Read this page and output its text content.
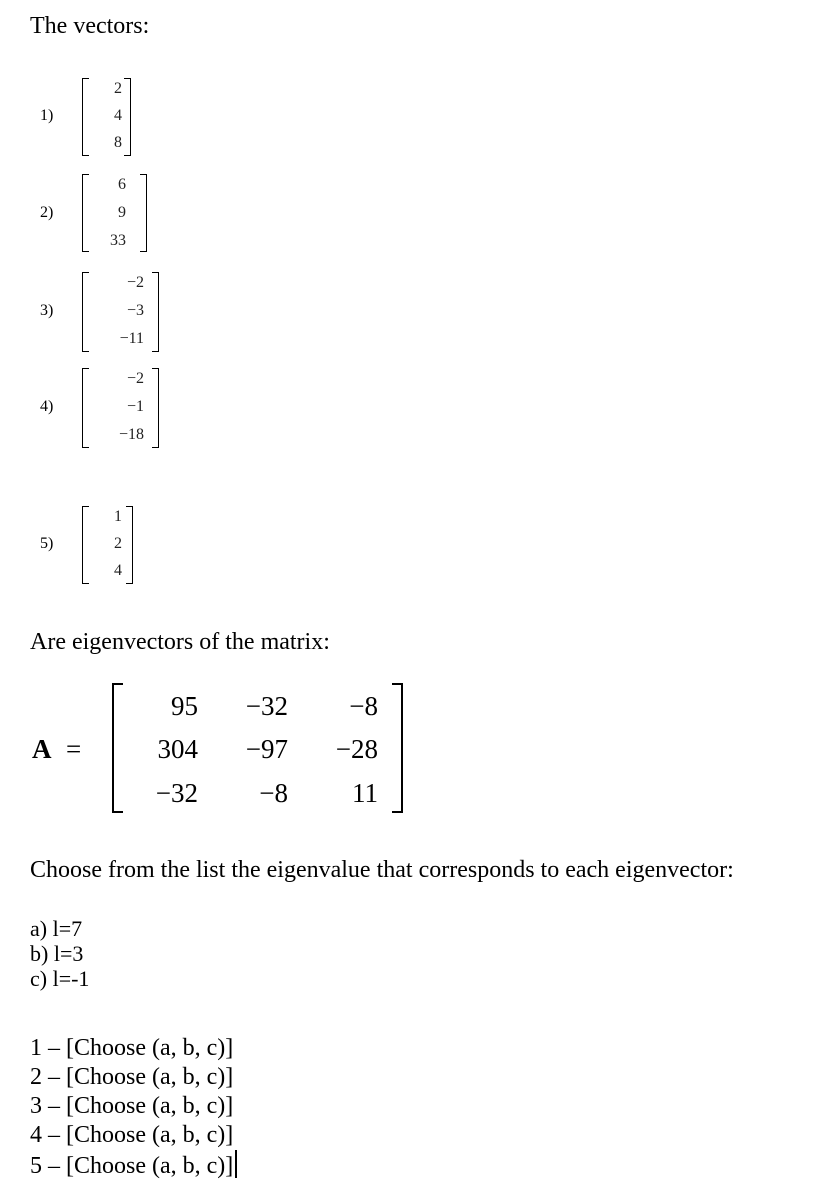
The vectors:
1)
2
4
8
2)
6
9
33
3)
−2
−3
−11
4)
−2
−1
−18
5)
1
2
4
Are eigenvectors of the matrix:
A =
95	−32	−8
304	−97	−28
−32	−8	11
Choose from the list the eigenvalue that corresponds to each eigenvector:
a) l=7
b) l=3
c) l=-1
1 – [Choose (a, b, c)]
2 – [Choose (a, b, c)]
3 – [Choose (a, b, c)]
4 – [Choose (a, b, c)]
5 – [Choose (a, b, c)]
